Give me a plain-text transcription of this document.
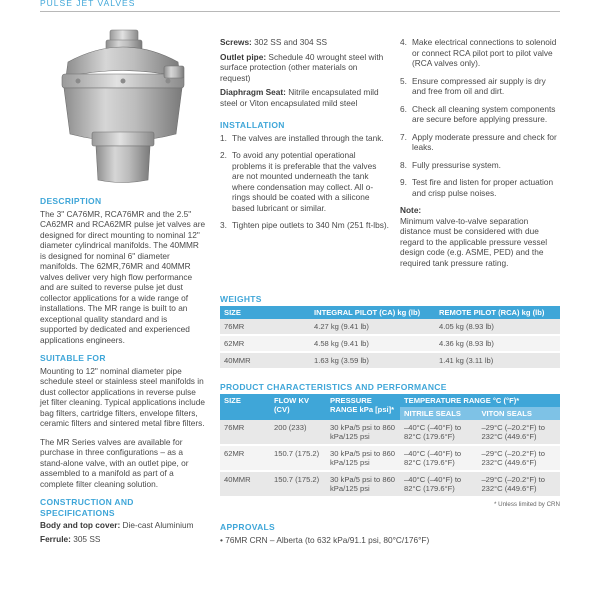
PULSE JET VALVES
DESCRIPTION
The 3" CA76MR, RCA76MR and the 2.5" CA62MR and RCA62MR pulse jet valves are designed for direct mounting to nominal 12" diameter cylindrical manifolds. The 40MMR is designed for nominal 6" diameter manifolds. The 62MR,76MR and 40MMR valves deliver very high flow performance and are suited to reverse pulse jet dust collector applications for a wide range of installations. The MR range is built to an exceptional quality standard and is supported by dedicated and experienced applications engineers.
SUITABLE FOR
Mounting to 12" nominal diameter pipe schedule steel or stainless steel manifolds in dust collector applications in reverse pulse jet filter cleaning. Typical applications include bag filters, cartridge filters, envelope filters, ceramic filters and sintered metal fibre filters.
The MR Series valves are available for purchase in three configurations – as a stand-alone valve, with an outlet pipe, or assembled to a manifold as part of a complete filter cleaning solution.
CONSTRUCTION AND SPECIFICATIONS
Body and top cover: Die-cast Aluminium
Ferrule: 305 SS
Screws: 302 SS and 304 SS
Outlet pipe: Schedule 40 wrought steel with surface protection (other materials on request)
Diaphragm Seat: Nitrile encapsulated mild steel or Viton encapsulated mild steel
INSTALLATION
1. The valves are installed through the tank.
2. To avoid any potential operational problems it is preferable that the valves are not mounted underneath the tank where condensation may collect. All o-rings should be coated with a silicone based lubricant or similar.
3. Tighten pipe outlets to 340 Nm (251 ft-lbs).
4. Make electrical connections to solenoid or connect RCA pilot port to pilot valve (RCA valves only).
5. Ensure compressed air supply is dry and free from oil and dirt.
6. Check all cleaning system components are secure before applying pressure.
7. Apply moderate pressure and check for leaks.
8. Fully pressurise system.
9. Test fire and listen for proper actuation and crisp pulse noises.
Note:
Minimum valve-to-valve separation distance must be considered with due regard to the applicable pressure vessel design code (e.g. ASME, PED) and the required tank pressure rating.
WEIGHTS
SIZE	INTEGRAL PILOT (CA) kg (lb)	REMOTE PILOT (RCA) kg (lb)
76MR	4.27 kg (9.41 lb)	4.05 kg (8.93 lb)
62MR	4.58 kg (9.41 lb)	4.36 kg (8.93 lb)
40MMR	1.63 kg (3.59 lb)	1.41 kg (3.11 lb)
PRODUCT CHARACTERISTICS AND PERFORMANCE
SIZE	FLOW KV (CV)	PRESSURE RANGE kPa [psi]*	TEMPERATURE RANGE °C (°F)*	
			NITRILE SEALS	VITON SEALS
76MR	200 (233)	30 kPa/5 psi to 860 kPa/125 psi	–40°C (–40°F) to 82°C (179.6°F)	–29°C (–20.2°F) to 232°C (449.6°F)
62MR	150.7 (175.2)	30 kPa/5 psi to 860 kPa/125 psi	–40°C (–40°F) to 82°C (179.6°F)	–29°C (–20.2°F) to 232°C (449.6°F)
40MMR	150.7 (175.2)	30 kPa/5 psi to 860 kPa/125 psi	–40°C (–40°F) to 82°C (179.6°F)	–29°C (–20.2°F) to 232°C (449.6°F)
* Unless limited by CRN
APPROVALS
• 76MR CRN – Alberta (to 632 kPa/91.1 psi, 80°C/176°F)
